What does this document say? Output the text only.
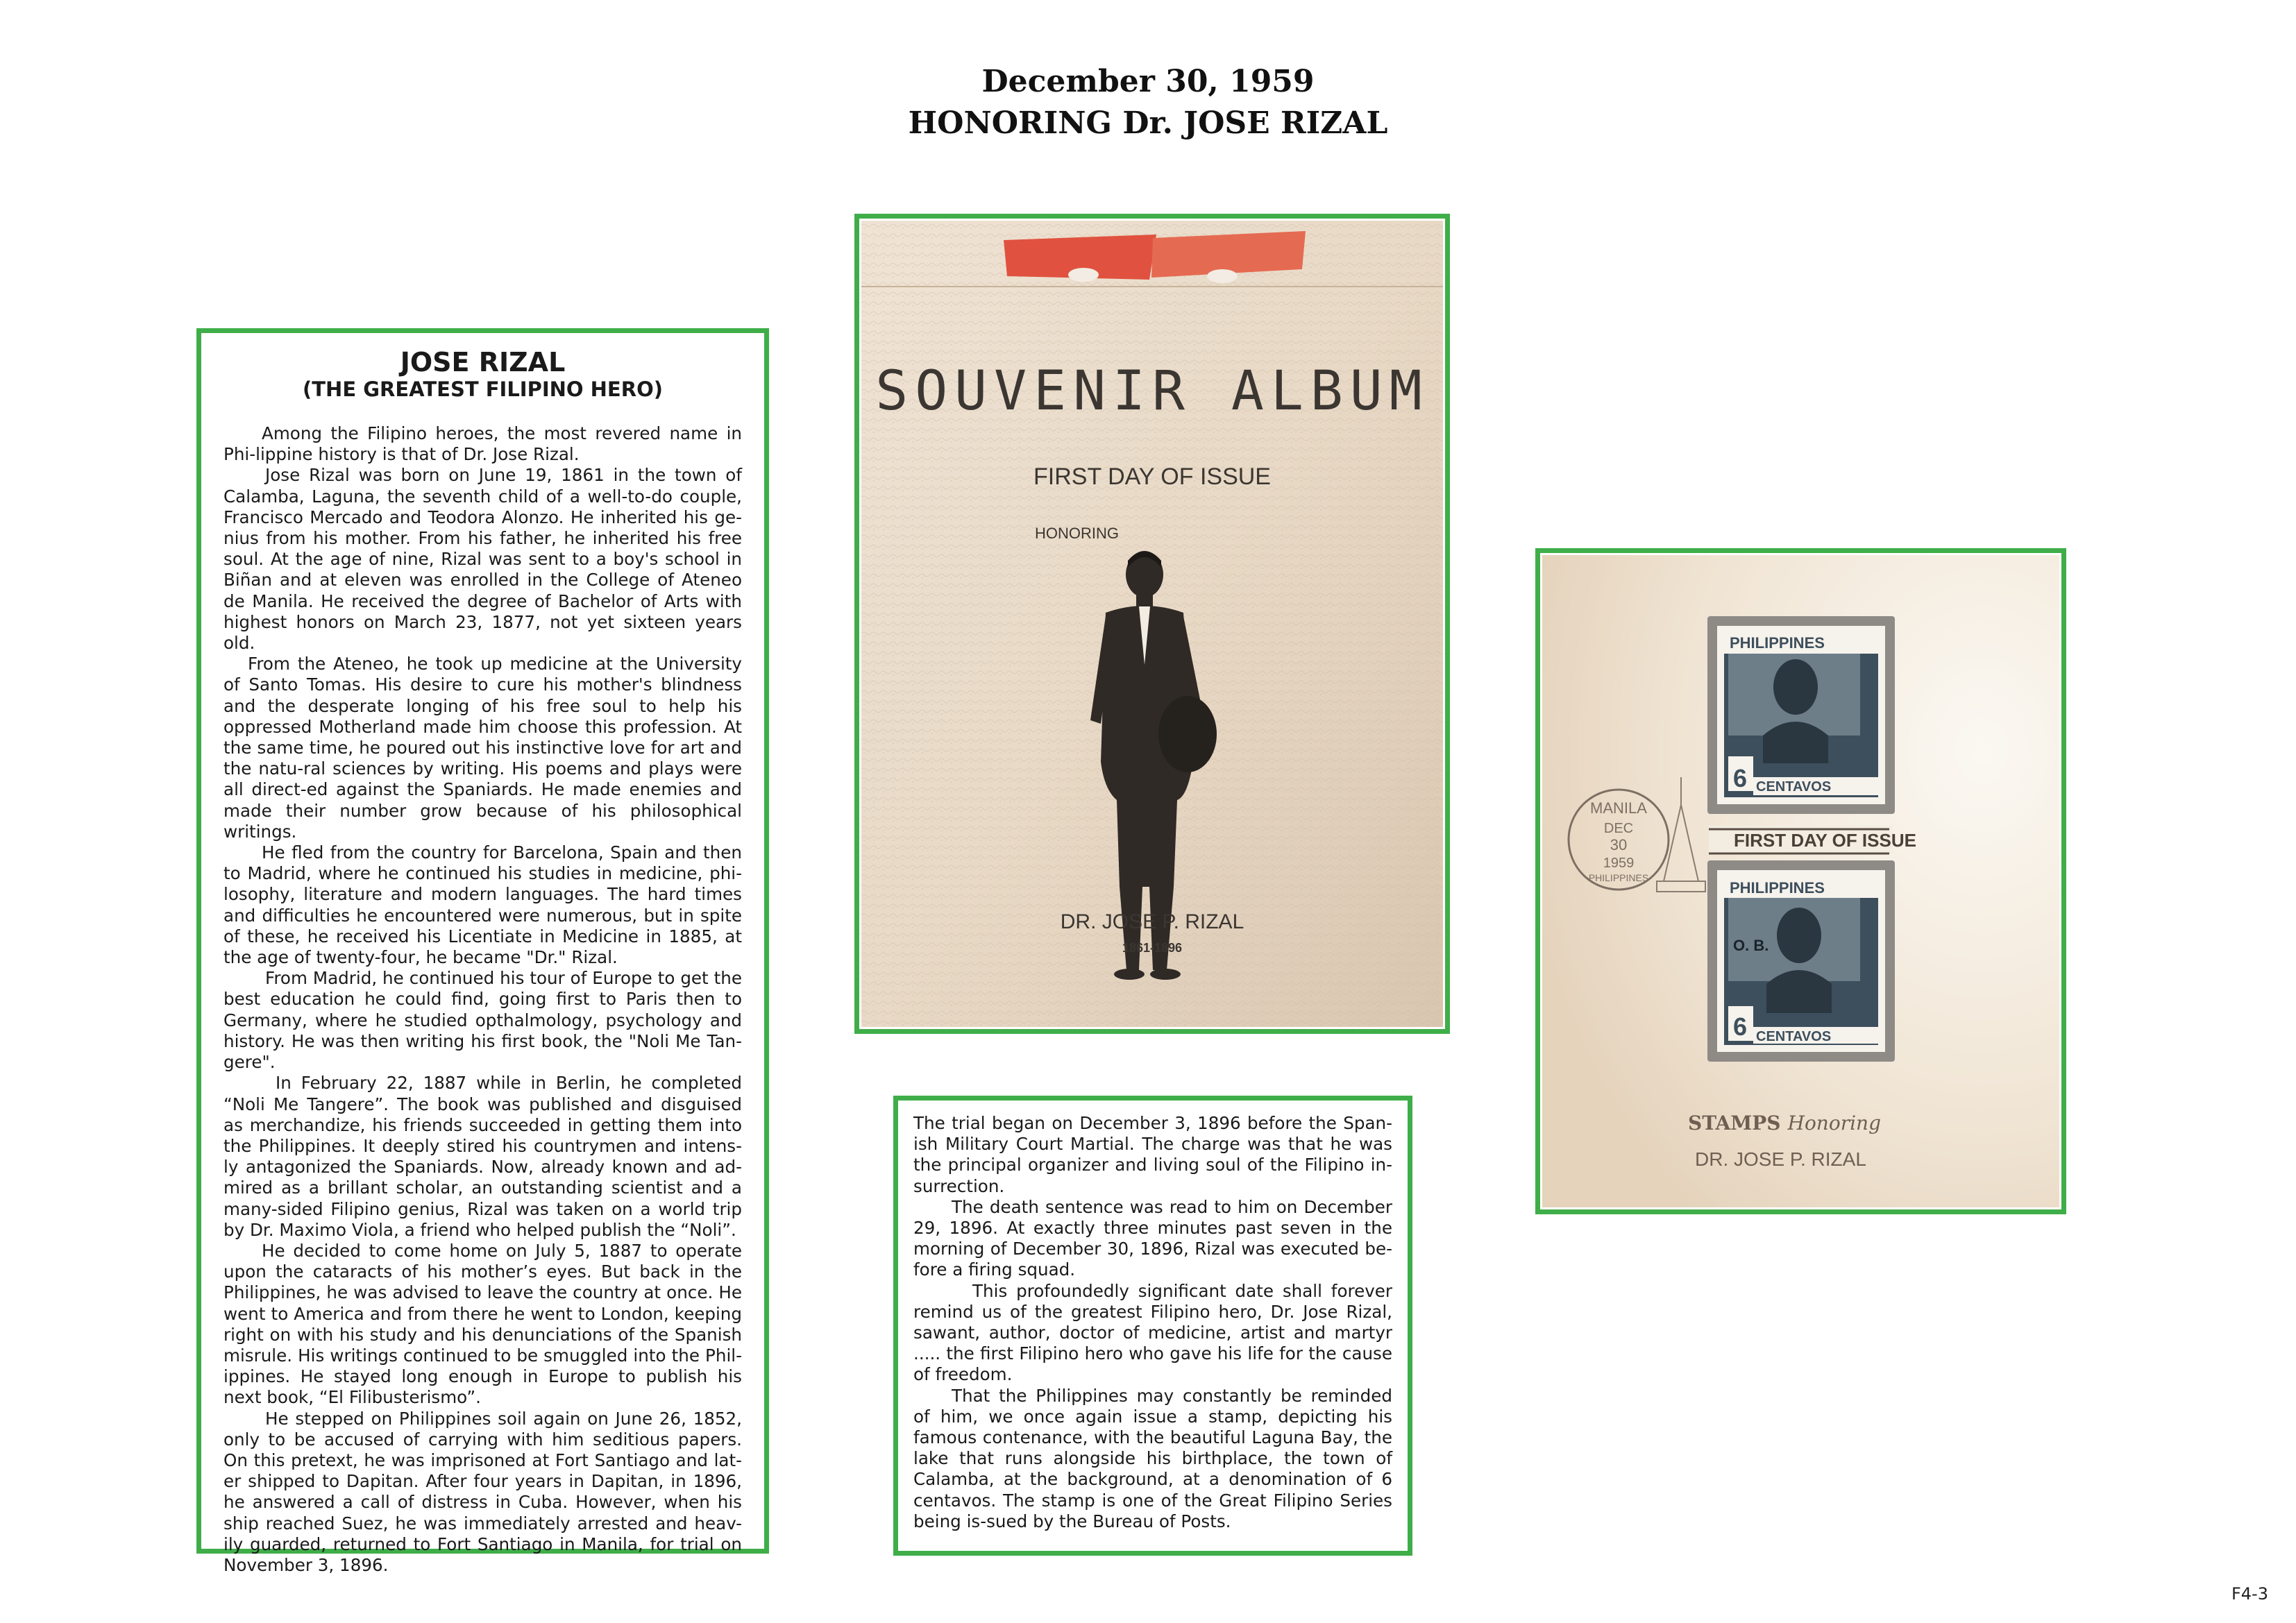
December 30, 1959
HONORING Dr. JOSE RIZAL
JOSE RIZAL
(THE GREATEST FILIPINO HERO)

Among the Filipino heroes, the most revered name in Phi-lippine history is that of Dr. Jose Rizal.

Jose Rizal was born on June 19, 1861 in the town of Calamba, Laguna, the seventh child of a well-to-do couple, Francisco Mercado and Teodora Alonzo. He inherited his ge-nius from his mother. From his father, he inherited his free soul. At the age of nine, Rizal was sent to a boy's school in Biñan and at eleven was enrolled in the College of Ateneo de Manila. He received the degree of Bachelor of Arts with highest honors on March 23, 1877, not yet sixteen years old.

From the Ateneo, he took up medicine at the University of Santo Tomas. His desire to cure his mother's blindness and the desperate longing of his free soul to help his oppressed Motherland made him choose this profession. At the same time, he poured out his instinctive love for art and the natu-ral sciences by writing. His poems and plays were all direct-ed against the Spaniards. He made enemies and made their number grow because of his philosophical writings.

He fled from the country for Barcelona, Spain and then to Madrid, where he continued his studies in medicine, phi-losophy, literature and modern languages. The hard times and difficulties he encountered were numerous, but in spite of these, he received his Licentiate in Medicine in 1885, at the age of twenty-four, he became "Dr." Rizal.

From Madrid, he continued his tour of Europe to get the best education he could find, going first to Paris then to Germany, where he studied opthalmology, psychology and history. He was then writing his first book, the "Noli Me Tan-gere".

In February 22, 1887 while in Berlin, he completed “Noli Me Tangere”. The book was published and disguised as merchandize, his friends succeeded in getting them into the Philippines. It deeply stired his countrymen and intens-ly antagonized the Spaniards. Now, already known and ad-mired as a brillant scholar, an outstanding scientist and a many-sided Filipino genius, Rizal was taken on a world trip by Dr. Maximo Viola, a friend who helped publish the “Noli”.

He decided to come home on July 5, 1887 to operate upon the cataracts of his mother’s eyes. But back in the Philippines, he was advised to leave the country at once. He went to America and from there he went to London, keeping right on with his study and his denunciations of the Spanish misrule. His writings continued to be smuggled into the Phil-ippines. He stayed long enough in Europe to publish his next book, “El Filibusterismo”.

He stepped on Philippines soil again on June 26, 1852, only to be accused of carrying with him seditious papers. On this pretext, he was imprisoned at Fort Santiago and lat-er shipped to Dapitan. After four years in Dapitan, in 1896, he answered a call of distress in Cuba. However, when his ship reached Suez, he was immediately arrested and heav-ily guarded, returned to Fort Santiago in Manila, for trial on November 3, 1896.

SOUVENIR ALBUM
FIRST DAY OF ISSUE
HONORING
DR. JOSE P. RIZAL
1861-1896

The trial began on December 3, 1896 before the Span-ish Military Court Martial. The charge was that he was the principal organizer and living soul of the Filipino in-surrection.

The death sentence was read to him on December 29, 1896. At exactly three minutes past seven in the morning of December 30, 1896, Rizal was executed be-fore a firing squad.

This profoundedly significant date shall forever remind us of the greatest Filipino hero, Dr. Jose Rizal, sawant, author, doctor of medicine, artist and martyr ..... the first Filipino hero who gave his life for the cause of freedom.

That the Philippines may constantly be reminded of him, we once again issue a stamp, depicting his famous contenance, with the beautiful Laguna Bay, the lake that runs alongside his birthplace, the town of Calamba, at the background, at a denomination of 6 centavos. The stamp is one of the Great Filipino Series being is-sued by the Bureau of Posts.

PHILIPPINES
6 CENTAVOS
MANILA
DEC
30
1959
PHILIPPINES
FIRST DAY OF ISSUE
PHILIPPINES
O. B.
6 CENTAVOS
STAMPS Honoring
DR. JOSE P. RIZAL
F4-3
